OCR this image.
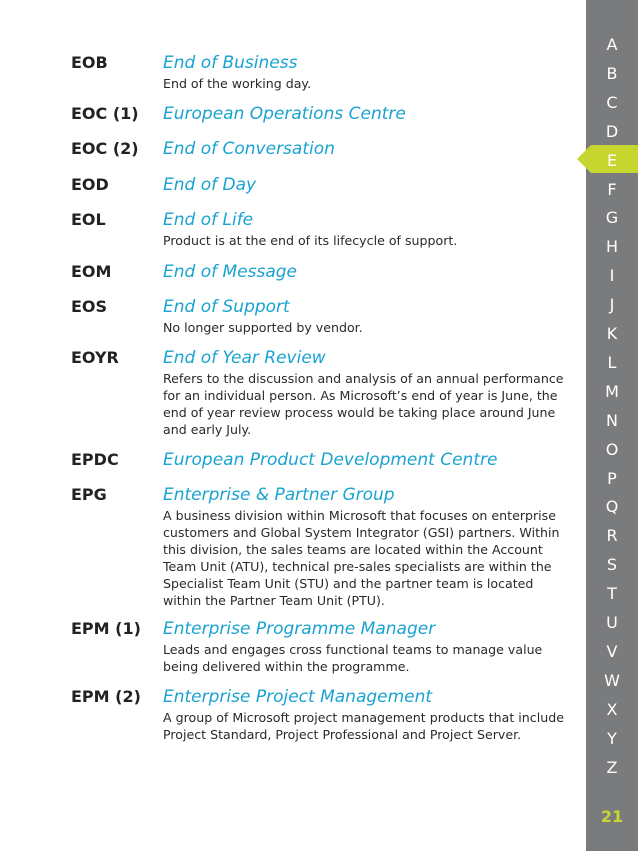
EOB	End of Business
End of the working day.
EOC (1) European Operations Centre
EOC (2) End of Conversation
EOD	End of Day
EOL	End of Life
Product is at the end of its lifecycle of support.
EOM	End of Message
EOS	End of Support
No longer supported by vendor.
EOYR	End of Year Review
Refers to the discussion and analysis of an annual performance for an individual person. As Microsoft’s end of year is June, the end of year review process would be taking place around June and early July.
EPDC	European Product Development Centre
EPG	Enterprise & Partner Group
A business division within Microsoft that focuses on enterprise customers and Global System Integrator (GSI) partners. Within this division, the sales teams are located within the Account Team Unit (ATU), technical pre-sales specialists are within the Specialist Team Unit (STU) and the partner team is located within the Partner Team Unit (PTU).
EPM (1) Enterprise Programme Manager
Leads and engages cross functional teams to manage value being delivered within the programme.
EPM (2) Enterprise Project Management
A group of Microsoft project management products that include Project Standard, Project Professional and Project Server.
A
B
C
D
E
F
G
H
I
J
K
L
M
N
O
P
Q
R
S
T
U
V
W
X
Y
Z
21
